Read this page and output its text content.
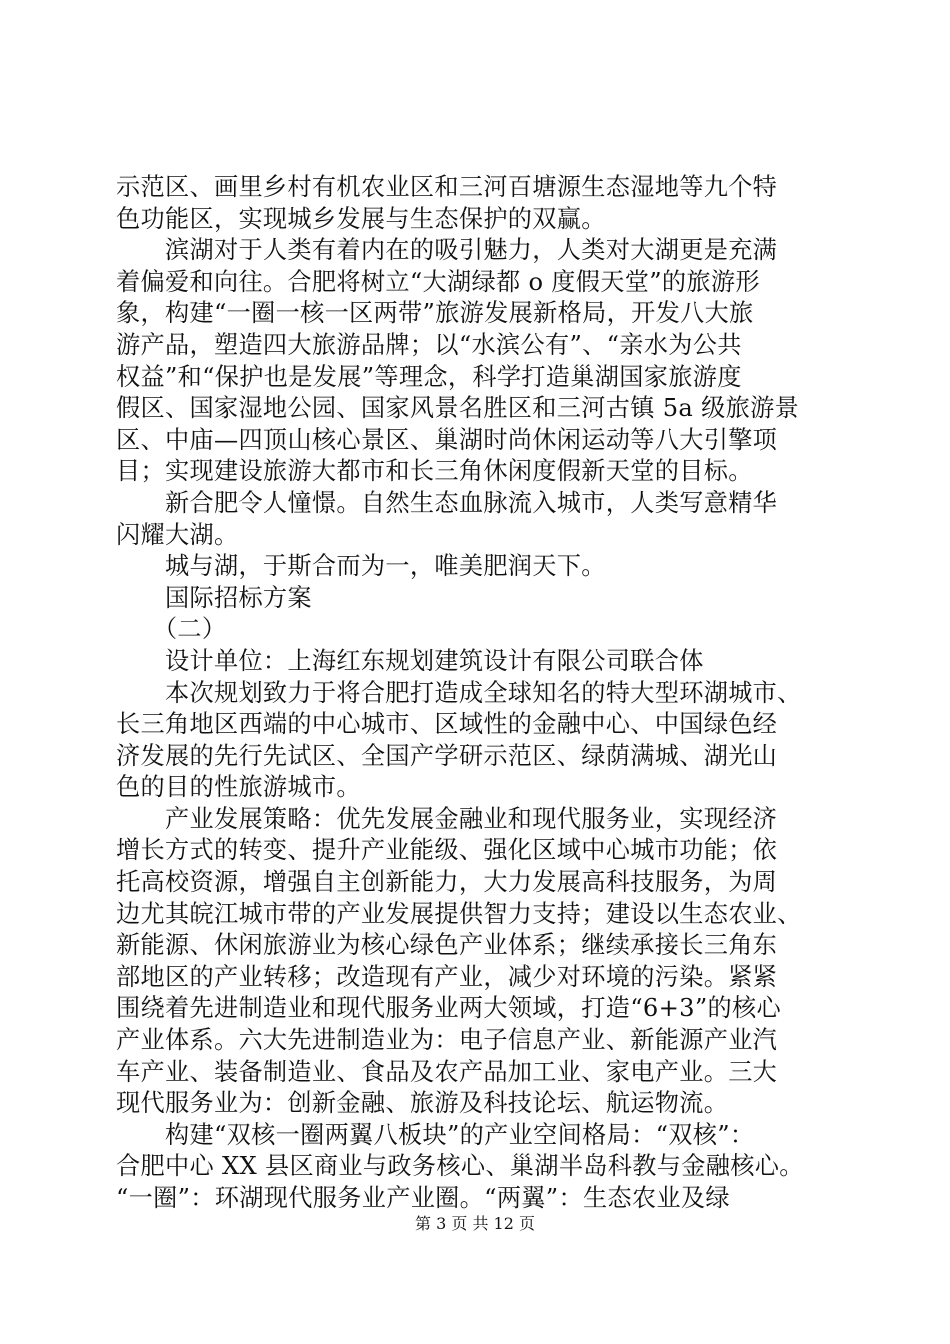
示范区、画里乡村有机农业区和三河百塘源生态湿地等九个特
色功能区，实现城乡发展与生态保护的双赢。
　　滨湖对于人类有着内在的吸引魅力，人类对大湖更是充满
着偏爱和向往。合肥将树立“大湖绿都 o 度假天堂”的旅游形
象，构建“一圈一核一区两带”旅游发展新格局，开发八大旅
游产品，塑造四大旅游品牌；以“水滨公有”、“亲水为公共
权益”和“保护也是发展”等理念，科学打造巢湖国家旅游度
假区、国家湿地公园、国家风景名胜区和三河古镇 5a 级旅游景
区、中庙—四顶山核心景区、巢湖时尚休闲运动等八大引擎项
目；实现建设旅游大都市和长三角休闲度假新天堂的目标。
　　新合肥令人憧憬。自然生态血脉流入城市，人类写意精华
闪耀大湖。
　　城与湖，于斯合而为一，唯美肥润天下。
　　国际招标方案
　　（二）
　　设计单位：上海红东规划建筑设计有限公司联合体
　　本次规划致力于将合肥打造成全球知名的特大型环湖城市、
长三角地区西端的中心城市、区域性的金融中心、中国绿色经
济发展的先行先试区、全国产学研示范区、绿荫满城、湖光山
色的目的性旅游城市。
　　产业发展策略：优先发展金融业和现代服务业，实现经济
增长方式的转变、提升产业能级、强化区域中心城市功能；依
托高校资源，增强自主创新能力，大力发展高科技服务，为周
边尤其皖江城市带的产业发展提供智力支持；建设以生态农业、
新能源、休闲旅游业为核心绿色产业体系；继续承接长三角东
部地区的产业转移；改造现有产业，减少对环境的污染。紧紧
围绕着先进制造业和现代服务业两大领域，打造“6+3”的核心
产业体系。六大先进制造业为：电子信息产业、新能源产业汽
车产业、装备制造业、食品及农产品加工业、家电产业。三大
现代服务业为：创新金融、旅游及科技论坛、航运物流。
　　构建“双核一圈两翼八板块”的产业空间格局：“双核”：
合肥中心 XX 县区商业与政务核心、巢湖半岛科教与金融核心。
“一圈”：环湖现代服务业产业圈。“两翼”：生态农业及绿
第 3 页 共 12 页
